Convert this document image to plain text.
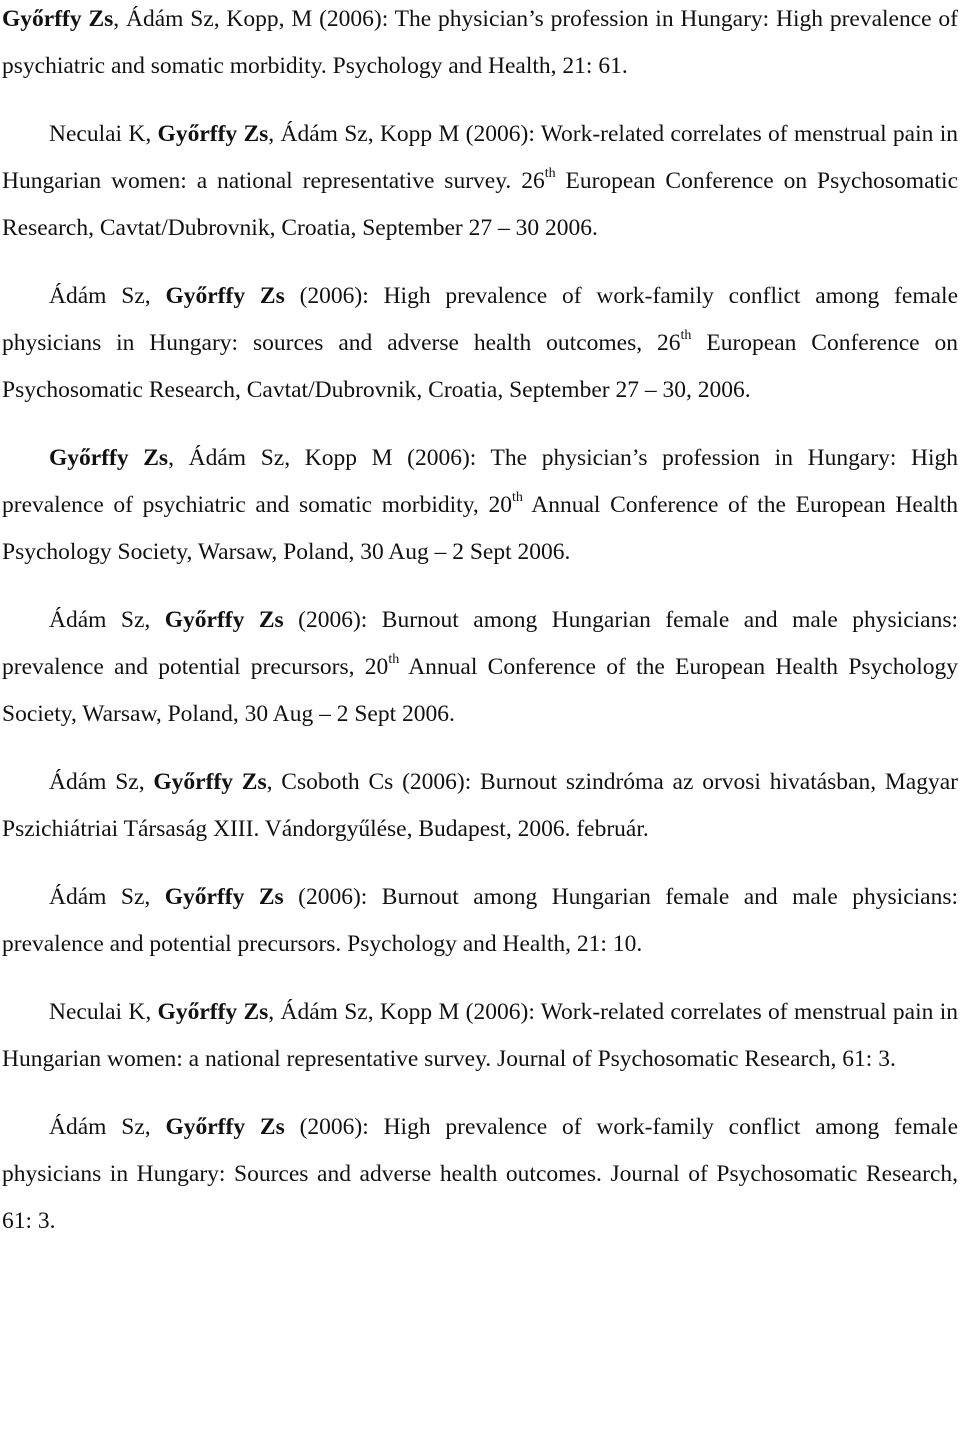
Győrffy Zs, Ádám Sz, Kopp, M (2006): The physician’s profession in Hungary: High prevalence of psychiatric and somatic morbidity. Psychology and Health, 21: 61.

Neculai K, Győrffy Zs, Ádám Sz, Kopp M (2006): Work-related correlates of menstrual pain in Hungarian women: a national representative survey. 26th European Conference on Psychosomatic Research, Cavtat/Dubrovnik, Croatia, September 27 – 30 2006.

Ádám Sz, Győrffy Zs (2006): High prevalence of work-family conflict among female physicians in Hungary: sources and adverse health outcomes, 26th European Conference on Psychosomatic Research, Cavtat/Dubrovnik, Croatia, September 27 – 30, 2006.

Győrffy Zs, Ádám Sz, Kopp M (2006): The physician’s profession in Hungary: High prevalence of psychiatric and somatic morbidity, 20th Annual Conference of the European Health Psychology Society, Warsaw, Poland, 30 Aug – 2 Sept 2006.

Ádám Sz, Győrffy Zs (2006): Burnout among Hungarian female and male physicians: prevalence and potential precursors, 20th Annual Conference of the European Health Psychology Society, Warsaw, Poland, 30 Aug – 2 Sept 2006.

Ádám Sz, Győrffy Zs, Csoboth Cs (2006): Burnout szindróma az orvosi hivatásban, Magyar Pszichiátriai Társaság XIII. Vándorgyűlése, Budapest, 2006. február.

Ádám Sz, Győrffy Zs (2006): Burnout among Hungarian female and male physicians: prevalence and potential precursors. Psychology and Health, 21: 10.

Neculai K, Győrffy Zs, Ádám Sz, Kopp M (2006): Work-related correlates of menstrual pain in Hungarian women: a national representative survey. Journal of Psychosomatic Research, 61: 3.

Ádám Sz, Győrffy Zs (2006): High prevalence of work-family conflict among female physicians in Hungary: Sources and adverse health outcomes. Journal of Psychosomatic Research, 61: 3.
